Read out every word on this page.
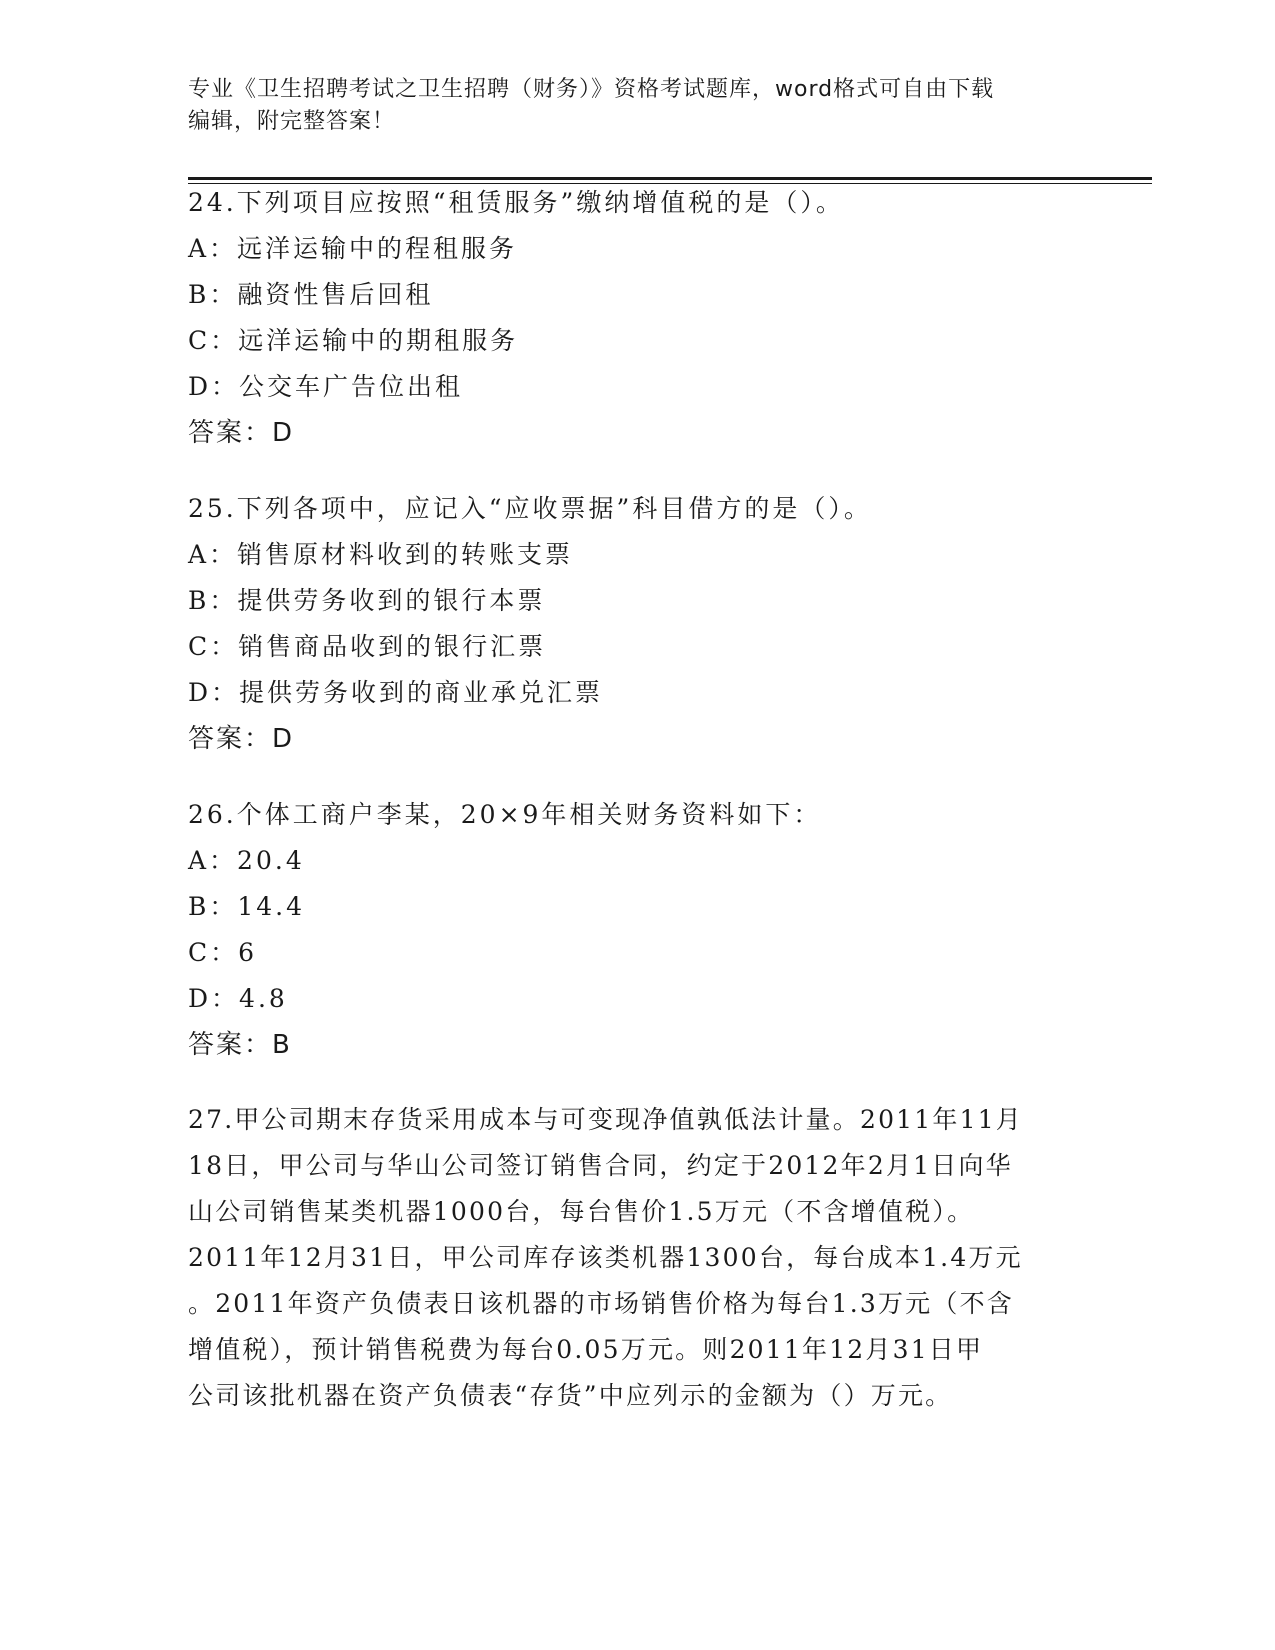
专业《卫生招聘考试之卫生招聘（财务）》资格考试题库，word格式可自由下载
编辑，附完整答案！
24.下列项目应按照“租赁服务”缴纳增值税的是（）。
A：远洋运输中的程租服务
B：融资性售后回租
C：远洋运输中的期租服务
D：公交车广告位出租
答案：D
25.下列各项中，应记入“应收票据”科目借方的是（）。
A：销售原材料收到的转账支票
B：提供劳务收到的银行本票
C：销售商品收到的银行汇票
D：提供劳务收到的商业承兑汇票
答案：D
26.个体工商户李某，20×9年相关财务资料如下：
A：20.4
B：14.4
C：6
D：4.8
答案：B
27.甲公司期末存货采用成本与可变现净值孰低法计量。2011年11月
18日，甲公司与华山公司签订销售合同，约定于2012年2月1日向华
山公司销售某类机器1000台，每台售价1.5万元（不含增值税）。
2011年12月31日，甲公司库存该类机器1300台，每台成本1.4万元
。2011年资产负债表日该机器的市场销售价格为每台1.3万元（不含
增值税），预计销售税费为每台0.05万元。则2011年12月31日甲
公司该批机器在资产负债表“存货”中应列示的金额为（）万元。
